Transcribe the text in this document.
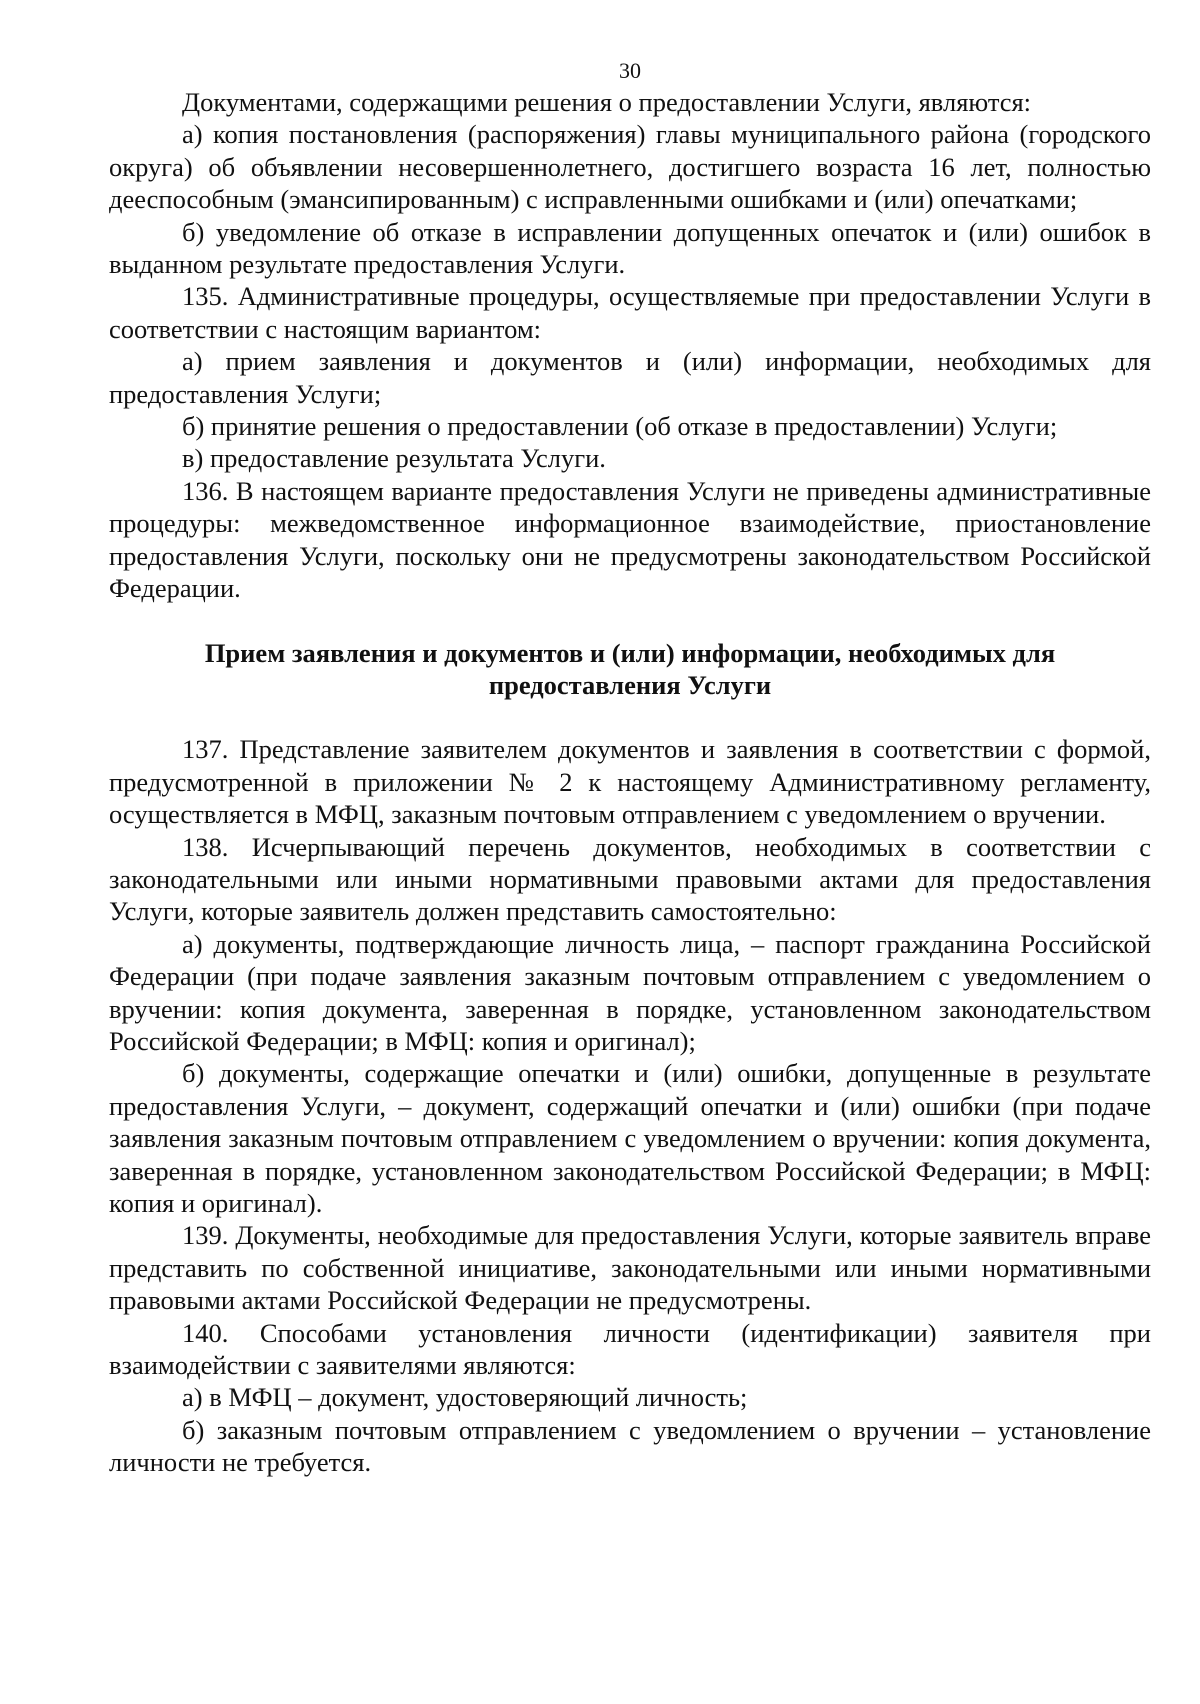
30

Документами, содержащими решения о предоставлении Услуги, являются:

а) копия постановления (распоряжения) главы муниципального района (городского округа) об объявлении несовершеннолетнего, достигшего возраста 16 лет, полностью дееспособным (эмансипированным) с исправленными ошибками и (или) опечатками;

б) уведомление об отказе в исправлении допущенных опечаток и (или) ошибок в выданном результате предоставления Услуги.

135. Административные процедуры, осуществляемые при предоставлении Услуги в соответствии с настоящим вариантом:

а) прием заявления и документов и (или) информации, необходимых для предоставления Услуги;

б) принятие решения о предоставлении (об отказе в предоставлении) Услуги;

в) предоставление результата Услуги.

136. В настоящем варианте предоставления Услуги не приведены административные процедуры: межведомственное информационное взаимодействие, приостановление предоставления Услуги, поскольку они не предусмотрены законодательством Российской Федерации.

Прием заявления и документов и (или) информации, необходимых для
предоставления Услуги

137. Представление заявителем документов и заявления в соответствии с формой, предусмотренной в приложении № 2 к настоящему Административному регламенту, осуществляется в МФЦ, заказным почтовым отправлением с уведомлением о вручении.

138. Исчерпывающий перечень документов, необходимых в соответствии с законодательными или иными нормативными правовыми актами для предоставления Услуги, которые заявитель должен представить самостоятельно:

а) документы, подтверждающие личность лица, – паспорт гражданина Российской Федерации (при подаче заявления заказным почтовым отправлением с уведомлением о вручении: копия документа, заверенная в порядке, установленном законодательством Российской Федерации; в МФЦ: копия и оригинал);

б) документы, содержащие опечатки и (или) ошибки, допущенные в результате предоставления Услуги, – документ, содержащий опечатки и (или) ошибки (при подаче заявления заказным почтовым отправлением с уведомлением о вручении: копия документа, заверенная в порядке, установленном законодательством Российской Федерации; в МФЦ: копия и оригинал).

139. Документы, необходимые для предоставления Услуги, которые заявитель вправе представить по собственной инициативе, законодательными или иными нормативными правовыми актами Российской Федерации не предусмотрены.

140. Способами установления личности (идентификации) заявителя при взаимодействии с заявителями являются:

а) в МФЦ – документ, удостоверяющий личность;

б) заказным почтовым отправлением с уведомлением о вручении – установление личности не требуется.
